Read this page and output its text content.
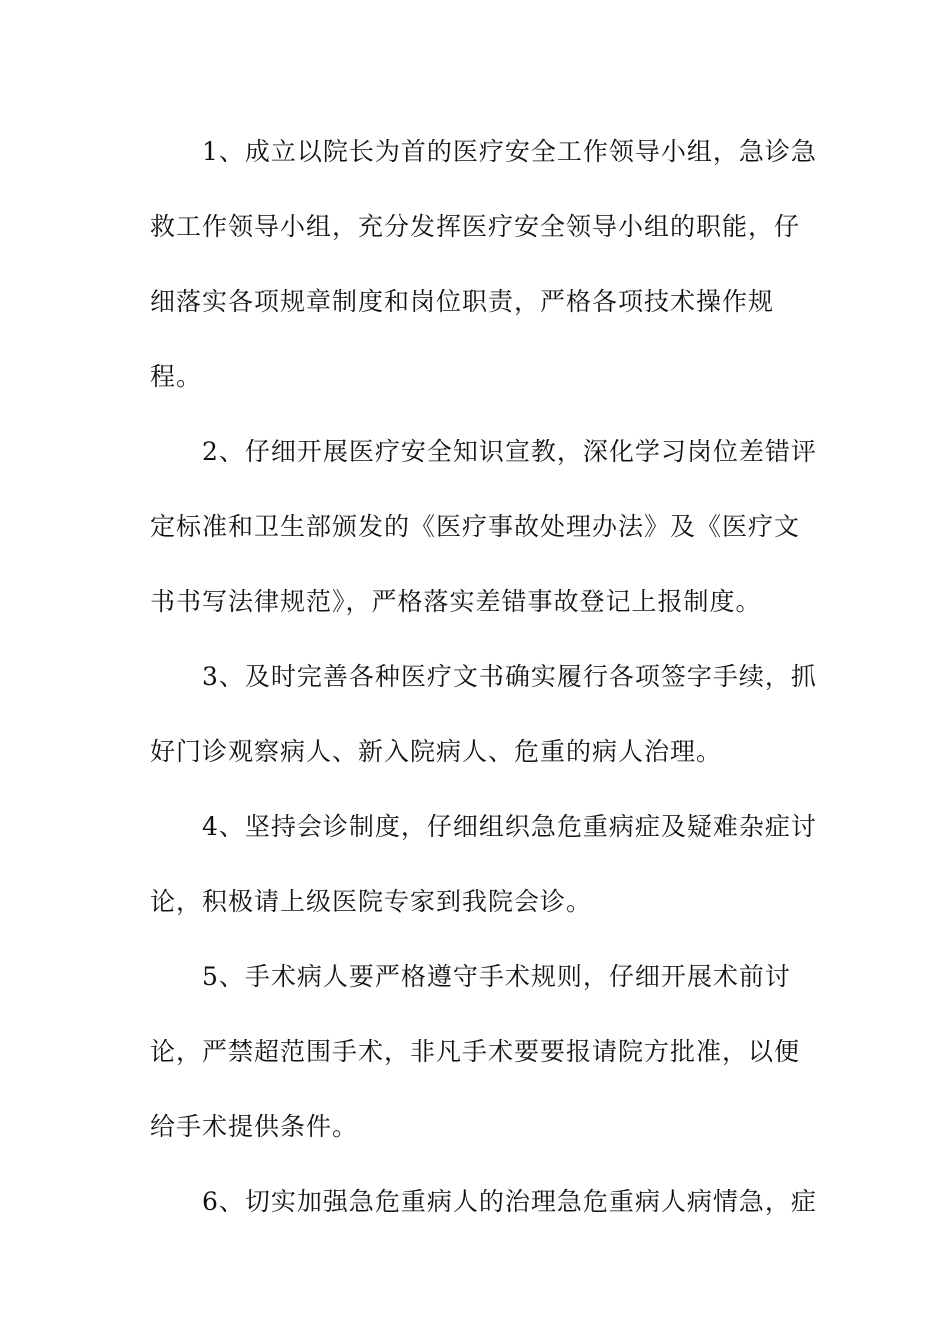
1、成立以院长为首的医疗安全工作领导小组，急诊急
救工作领导小组，充分发挥医疗安全领导小组的职能，仔
细落实各项规章制度和岗位职责，严格各项技术操作规
程。
2、仔细开展医疗安全知识宣教，深化学习岗位差错评
定标准和卫生部颁发的《医疗事故处理办法》及《医疗文
书书写法律规范》，严格落实差错事故登记上报制度。
3、及时完善各种医疗文书确实履行各项签字手续，抓
好门诊观察病人、新入院病人、危重的病人治理。
4、坚持会诊制度，仔细组织急危重病症及疑难杂症讨
论，积极请上级医院专家到我院会诊。
5、手术病人要严格遵守手术规则，仔细开展术前讨
论，严禁超范围手术，非凡手术要要报请院方批准，以便
给手术提供条件。
6、切实加强急危重病人的治理急危重病人病情急，症
